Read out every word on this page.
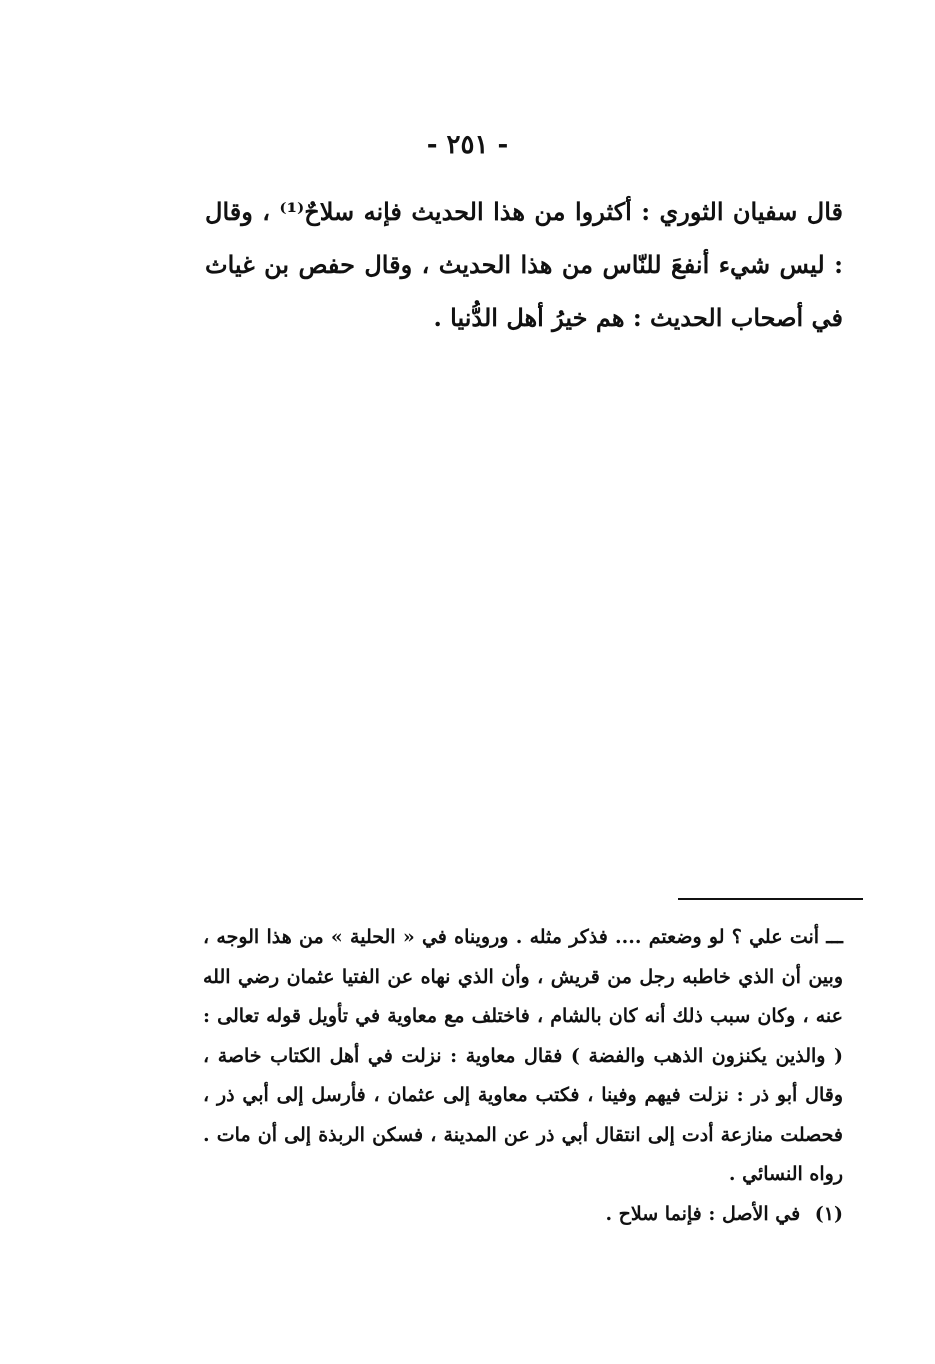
- ٢٥١ -

قال سفيان الثوري : أكثروا من هذا الحديث فإنه سلاحٌ⁽¹⁾ ، وقال : ليس شيء أنفعَ للنّاس من هذا الحديث ، وقال حفص بن غياث في أصحاب الحديث : هم خيرُ أهل الدُّنيا .

ـــ أنت علي ؟ لو وضعتم .... فذكر مثله . ورويناه في « الحلية » من هذا الوجه ، وبين أن الذي خاطبه رجل من قريش ، وأن الذي نهاه عن الفتيا عثمان رضي الله عنه ، وكان سبب ذلك أنه كان بالشام ، فاختلف مع معاوية في تأويل قوله تعالى : ( والذين يكنزون الذهب والفضة ) فقال معاوية : نزلت في أهل الكتاب خاصة ، وقال أبو ذر : نزلت فيهم وفينا ، فكتب معاوية إلى عثمان ، فأرسل إلى أبي ذر ، فحصلت منازعة أدت إلى انتقال أبي ذر عن المدينة ، فسكن الربذة إلى أن مات . رواه النسائي .

(١) في الأصل : فإنما سلاح .
